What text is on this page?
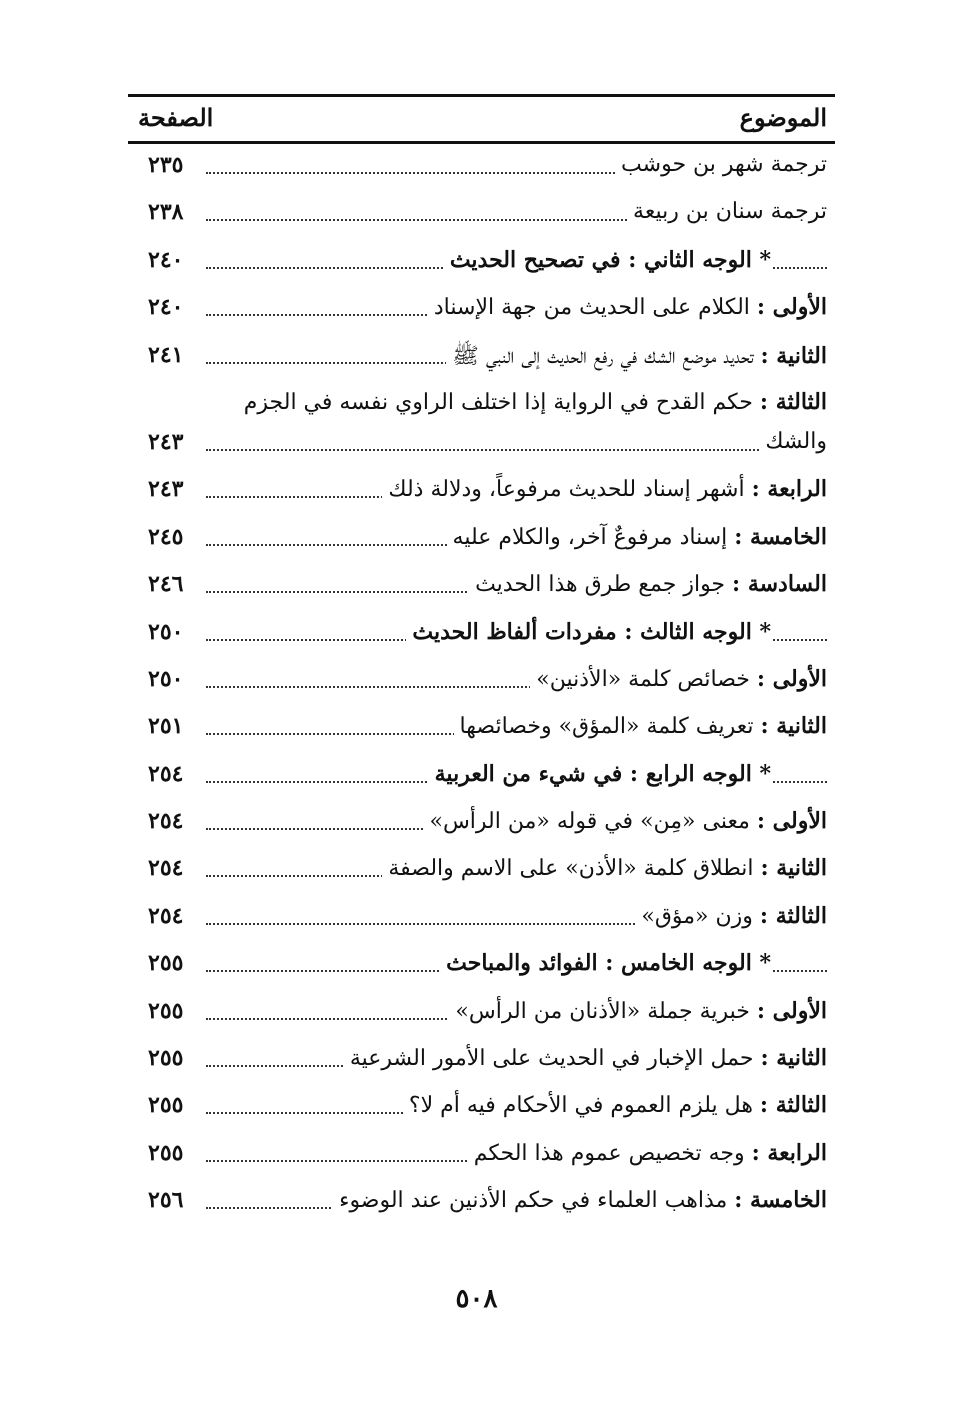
الموضوع
الصفحة
ترجمة شهر بن حوشب
٢٣٥
ترجمة سنان بن ربيعة
٢٣٨
* الوجه الثاني : في تصحيح الحديث
٢٤٠
الأولى : الكلام على الحديث من جهة الإسناد
٢٤٠
الثانية : تحديد موضع الشك في رفع الحديث إلى النبي ﷺ
٢٤١
الثالثة : حكم القدح في الرواية إذا اختلف الراوي نفسه في الجزم
والشك
٢٤٣
الرابعة : أشهر إسناد للحديث مرفوعاً، ودلالة ذلك
٢٤٣
الخامسة : إسناد مرفوعٌ آخر، والكلام عليه
٢٤٥
السادسة : جواز جمع طرق هذا الحديث
٢٤٦
* الوجه الثالث : مفردات ألفاظ الحديث
٢٥٠
الأولى : خصائص كلمة «الأذنين»
٢٥٠
الثانية : تعريف كلمة «المؤق» وخصائصها
٢٥١
* الوجه الرابع : في شيء من العربية
٢٥٤
الأولى : معنى «مِن» في قوله «من الرأس»
٢٥٤
الثانية : انطلاق كلمة «الأذن» على الاسم والصفة
٢٥٤
الثالثة : وزن «مؤق»
٢٥٤
* الوجه الخامس : الفوائد والمباحث
٢٥٥
الأولى : خبرية جملة «الأذنان من الرأس»
٢٥٥
الثانية : حمل الإخبار في الحديث على الأمور الشرعية
٢٥٥
الثالثة : هل يلزم العموم في الأحكام فيه أم لا؟
٢٥٥
الرابعة : وجه تخصيص عموم هذا الحكم
٢٥٥
الخامسة : مذاهب العلماء في حكم الأذنين عند الوضوء
٢٥٦
٥٠٨
